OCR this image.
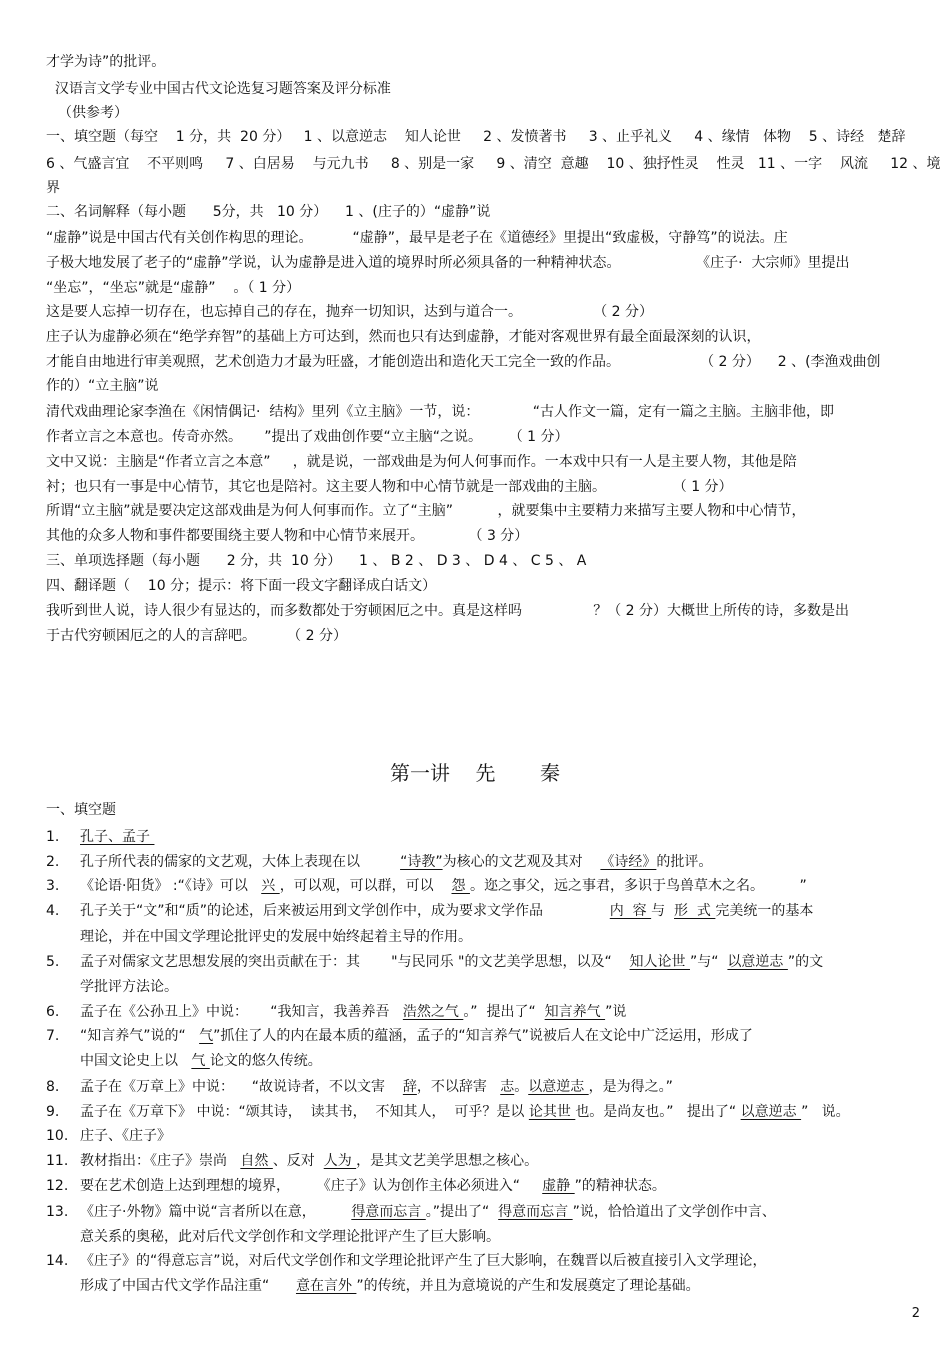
才学为诗”的批评。
汉语言文学专业中国古代文论选复习题答案及评分标准
（供参考）
一、填空题（每空    1 分，共  20 分）   1 、以意逆志    知人论世     2 、发愤著书     3 、止乎礼义     4 、缘情   体物    5 、诗经   楚辞
6 、气盛言宜    不平则鸣     7 、白居易    与元九书     8 、别是一家     9 、清空  意趣    10 、独抒性灵    性灵   11 、一字    风流     12 、境
界
二、名词解释（每小题      5分，共   10 分）    1 、(庄子的）“虚静”说
“虚静”说是中国古代有关创作构思的理论。         “虚静”，最早是老子在《道德经》里提出“致虚极，守静笃”的说法。庄
子极大地发展了老子的“虚静”学说，认为虚静是进入道的境界时所必须具备的一种精神状态。                 《庄子·  大宗师》里提出
“坐忘”，“坐忘”就是“虚静”    。（ 1 分）
这是要人忘掉一切存在，也忘掉自己的存在，抛弃一切知识，达到与道合一。                （ 2 分）
庄子认为虚静必须在“绝学弃智”的基础上方可达到，然而也只有达到虚静，才能对客观世界有最全面最深刻的认识，
才能自由地进行审美观照，艺术创造力才最为旺盛，才能创造出和造化天工完全一致的作品。                  （ 2 分）    2 、(李渔戏曲创
作的）“立主脑”说
清代戏曲理论家李渔在《闲情偶记·  结构》里列《立主脑》一节，说：            “古人作文一篇，定有一篇之主脑。主脑非他，即
作者立言之本意也。传奇亦然。     ”提出了戏曲创作要“立主脑“之说。      （ 1 分）
文中又说：主脑是“作者立言之本意”     ，就是说，一部戏曲是为何人何事而作。一本戏中只有一人是主要人物，其他是陪
衬；也只有一事是中心情节，其它也是陪衬。这主要人物和中心情节就是一部戏曲的主脑。               （ 1 分）
所谓“立主脑”就是要决定这部戏曲是为何人何事而作。立了“主脑”          ，就要集中主要精力来描写主要人物和中心情节，
其他的众多人物和事件都要围绕主要人物和中心情节来展开。          （ 3 分）
三、单项选择题（每小题      2 分，共  10 分）    1 、 B 2 、 D 3 、 D 4 、 C 5 、 A
四、翻译题（    10 分；提示：将下面一段文字翻译成白话文）
我听到世人说，诗人很少有显达的，而多数都处于穷顿困厄之中。真是这样吗                ？（ 2 分）大概世上所传的诗，多数是出
于古代穷顿困厄之的人的言辞吧。       （ 2 分）
第一讲    先       秦
一、填空题
1. 孔子、孟子
2. 孔子所代表的儒家的文艺观，大体上表现在以         “诗教”为核心的文艺观及其对    《诗经》的批评。
3. 《论语·阳货》 :“《诗》可以   兴 ，可以观，可以群，可以    怨 。迩之事父，远之事君，多识于鸟兽草木之名。        ”
4. 孔子关于“文”和“质”的论述，后来被运用到文学创作中，成为要求文学作品               内  容 与  形  式 完美统一的基本
理论，并在中国文学理论批评史的发展中始终起着主导的作用。
5. 孟子对儒家文艺思想发展的突出贡献在于：其       "与民同乐 "的文艺美学思想，以及“    知人论世 ”与“  以意逆志 ”的文
学批评方法论。
6. 孟子在《公孙丑上》中说：     “我知言，我善养吾   浩然之气 。”  提出了“  知言养气 ”说
7. “知言养气”说的“   气”抓住了人的内在最本质的蕴涵，孟子的“知言养气”说被后人在文论中广泛运用，形成了
中国文论史上以   气 论文的悠久传统。
8. 孟子在《万章上》中说：    “故说诗者，不以文害    辞，不以辞害   志。以意逆志 ，是为得之。”
9. 孟子在《万章下》 中说：“颂其诗，  读其书，  不知其人，  可乎？是以 论其世 也。是尚友也。”   提出了“ 以意逆志 ”   说。
10. 庄子、《庄子》
11. 教材指出：《庄子》崇尚   自然 、反对  人为 ，是其文艺美学思想之核心。
12. 要在艺术创造上达到理想的境界，      《庄子》认为创作主体必须进入“     虚静 ”的精神状态。
13. 《庄子·外物》篇中说“言者所以在意，        得意而忘言 。”提出了“  得意而忘言 ”说，恰恰道出了文学创作中言、
意关系的奥秘，此对后代文学创作和文学理论批评产生了巨大影响。
14. 《庄子》的“得意忘言”说，对后代文学创作和文学理论批评产生了巨大影响，在魏晋以后被直接引入文学理论，
形成了中国古代文学作品注重“      意在言外 ”的传统，并且为意境说的产生和发展奠定了理论基础。
2
